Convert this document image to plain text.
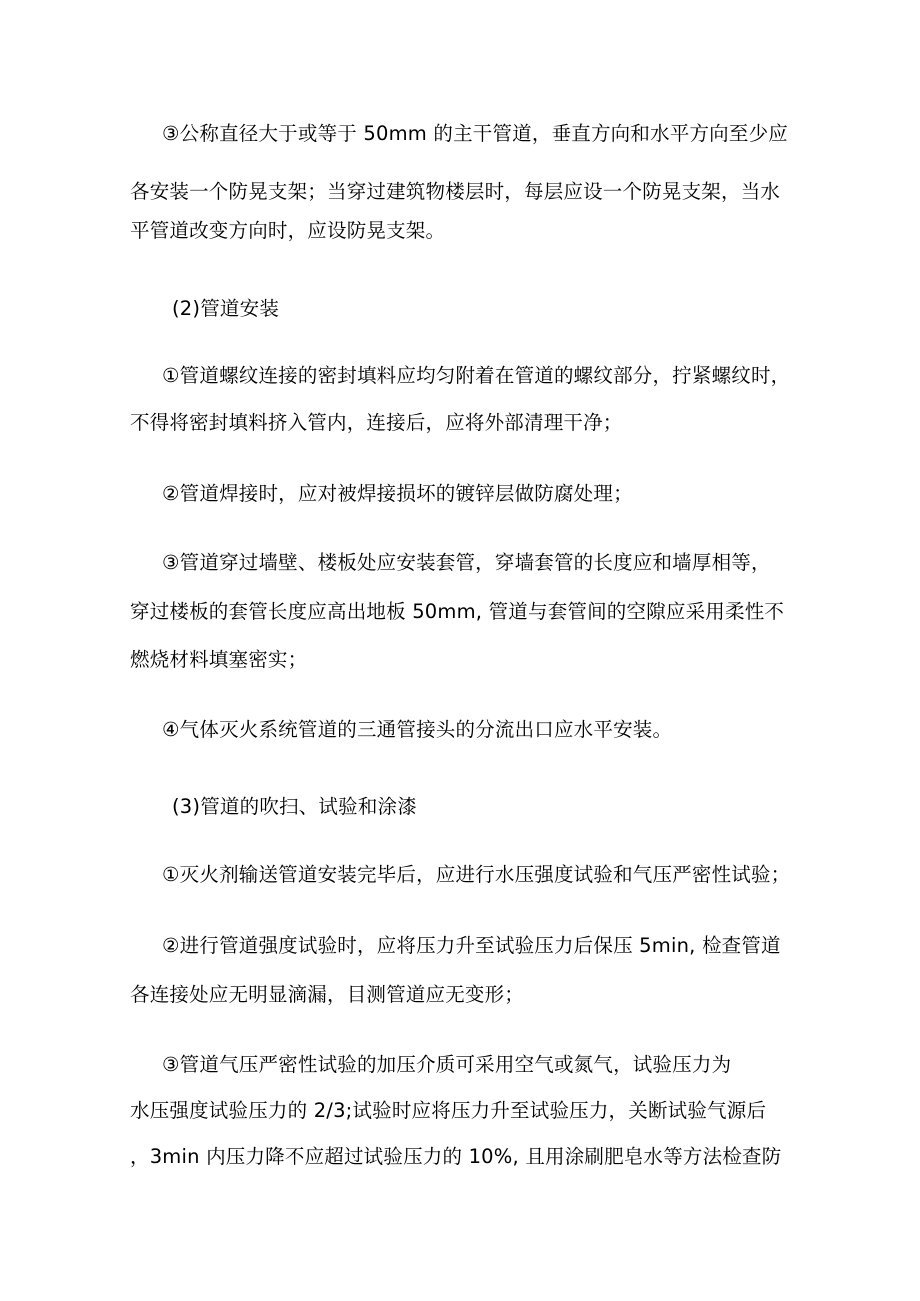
③公称直径大于或等于 50mm 的主干管道，垂直方向和水平方向至少应
各安装一个防晃支架；当穿过建筑物楼层时，每层应设一个防晃支架，当水
平管道改变方向时，应设防晃支架。
(2)管道安装
①管道螺纹连接的密封填料应均匀附着在管道的螺纹部分，拧紧螺纹时，
不得将密封填料挤入管内，连接后，应将外部清理干净；
②管道焊接时，应对被焊接损坏的镀锌层做防腐处理；
③管道穿过墙壁、楼板处应安装套管，穿墙套管的长度应和墙厚相等，
穿过楼板的套管长度应高出地板 50mm, 管道与套管间的空隙应采用柔性不
燃烧材料填塞密实；
④气体灭火系统管道的三通管接头的分流出口应水平安装。
(3)管道的吹扫、试验和涂漆
①灭火剂输送管道安装完毕后，应进行水压强度试验和气压严密性试验；
②进行管道强度试验时，应将压力升至试验压力后保压 5min, 检查管道
各连接处应无明显滴漏，目测管道应无变形；
③管道气压严密性试验的加压介质可采用空气或氮气，试验压力为
水压强度试验压力的 2/3;试验时应将压力升至试验压力，关断试验气源后
，3min 内压力降不应超过试验压力的 10%, 且用涂刷肥皂水等方法检查防
